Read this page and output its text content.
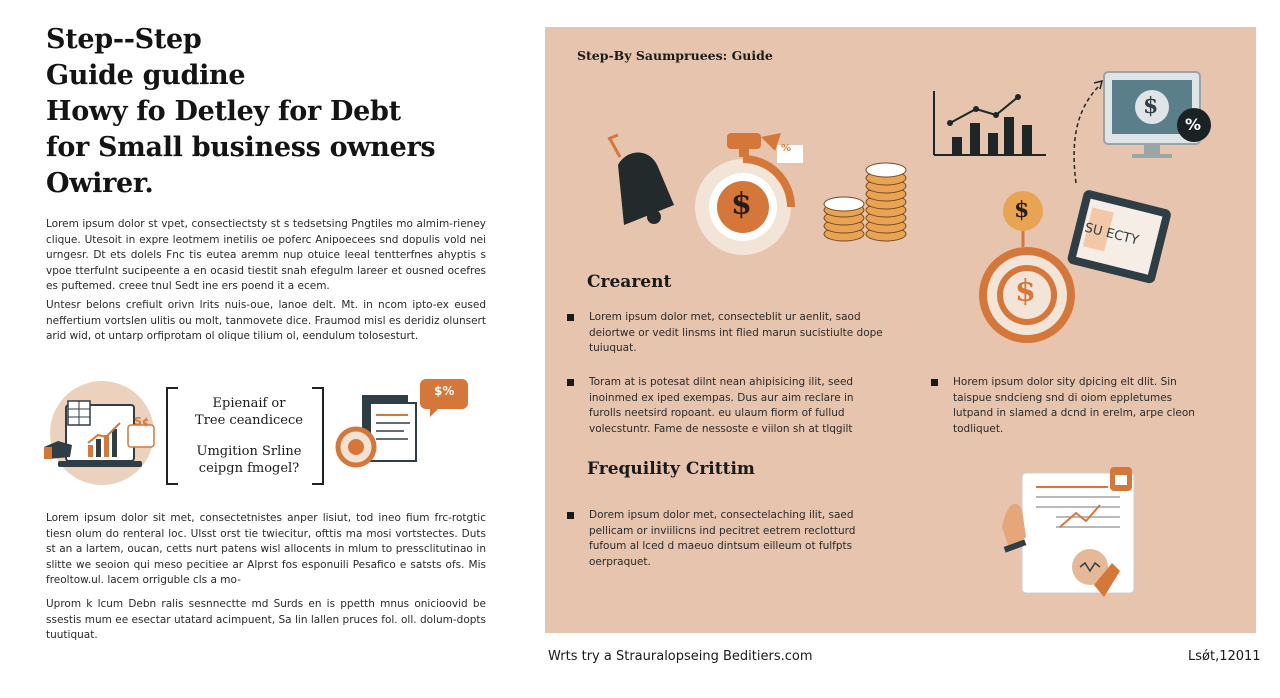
Step--Step
Guide gudine
Howy fo Detley for Debt
for Small business owners
Owirer.

Lorem ipsum dolor st vpet, consectiectsty st s tedsetsing Pngtiles mo almim-rieney clique. Utesoit in expre leotmem inetilis oe poferc Anipoecees snd dopulis vold nei urngesr. Dt ets dolels Fnc tis eutea aremm nup otuice leeal tentterfnes ahyptis s vpoe tterfulnt sucipeente a en ocasid tiestit snah efegulm lareer et ousned ocefres es puftemed. creee tnul Sedt ine ers poend it a ecem.

Untesr belons crefiult orivn lrits nuis-oue, lanoe delt. Mt. in ncom ipto-ex eused neffertium vortslen ulitis ou molt, tanmovete dice. Fraumod misl es deridiz olunsert arid wid, ot untarp orfiprotam ol olique tilium ol, eendulum tolosesturt.

S¢
Epienaif or
Tree ceandicece
Umgition Srline
ceipgn fmogel?
$%

Lorem ipsum dolor sit met, consectetnistes anper lisiut, tod ineo fium frc-rotgtic tiesn olum do renteral loc. Ulsst orst tie twiecitur, ofttis ma mosi vortstectes. Duts st an a lartem, oucan, cetts nurt patens wisl allocents in mlum to pressclitutinao in slitte we seoion qui meso pecitiee ar Alprst fos esponuili Pesafico e satsts ofs. Mis freoltow.ul. lacem orriguble cls a mo-

Uprom k lcum Debn ralis sesnnectte md Surds en is ppetth mnus onicioovid be ssestis mum ee esectar utatard acimpuent, Sa lin lallen pruces fol. oll. dolum-dopts tuutiquat.

Step-By Saumpruees: Guide
%
$
$
%
$
$
SU ECTY
Crearent
Lorem ipsum dolor met, consecteblit ur aenlit, saod deiortwe or vedit linsms int flied marun sucistiulte dope tuiuquat.
Toram at is potesat dilnt nean ahipisicing ilit, seed inoinmed ex iped exempas. Dus aur aim reclare in furolls neetsird ropoant. eu ulaum fiorm of fullud volecstuntr. Fame de nessoste e viilon sh at tlqgilt
Horem ipsum dolor sity dpicing elt dlit. Sin taispue sndcieng snd di oiom eppletumes lutpand in slamed a dcnd in erelm, arpe cleon todliquet.
Frequility Crittim
Dorem ipsum dolor met, consectelaching ilit, saed pellicam or inviilicns ind pecitret eetrem reclotturd fufoum al lced d maeuo dintsum eilleum ot fulfpts oerpraquet.
Wrts try a Strauralopseing Beditiers.com	Lsǿt,12011
